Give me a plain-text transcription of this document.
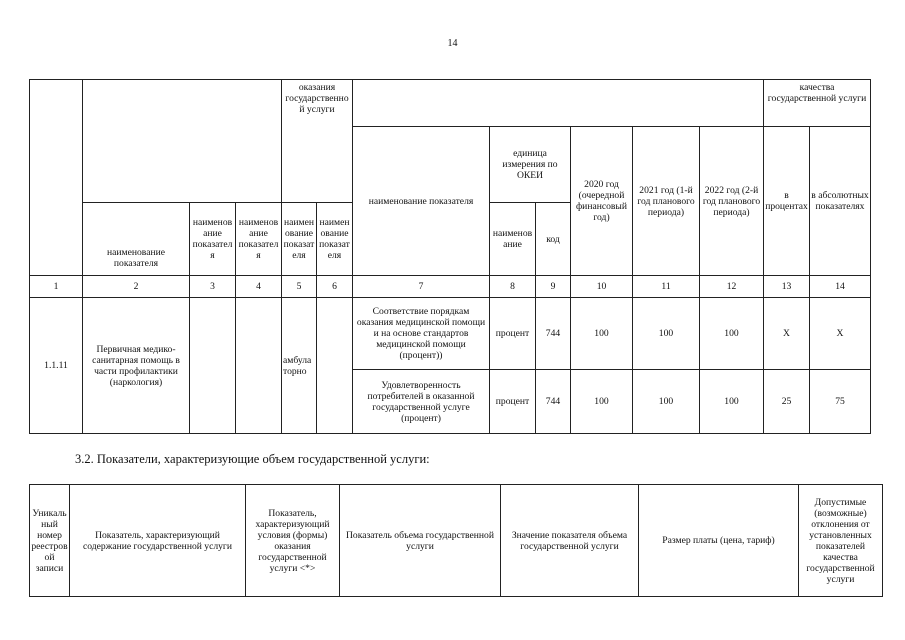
14
				оказания государственной услуги								качества государственной услуги	
						наименование показателя	единица измерения по ОКЕИ		2020 год (очередной финансовый год)	2021 год (1-й год планового периода)	2022 год (2-й год планового периода)	в процентах	в абсолютных показателях
	наименование показателя	наименование показателя	наименование показателя	наименование показателя	наименование показателя		наименование	код					
1	2	3	4	5	6	7	8	9	10	11	12	13	14
1.1.11	Первичная медико-санитарная помощь в части профилактики (наркология)			амбулаторно		Соответствие порядкам оказания медицинской помощи и на основе стандартов медицинской помощи (процент))	процент	744	100	100	100	Х	Х
						Удовлетворенность потребителей в оказанной государственной услуге (процент)	процент	744	100	100	100	25	75
3.2. Показатели, характеризующие объем государственной услуги:
Уникальный номер реестровой записи	Показатель, характеризующий содержание государственной услуги	Показатель, характеризующий условия (формы) оказания государственной услуги <*>	Показатель объема государственной услуги	Значение показателя объема государственной услуги	Размер платы (цена, тариф)	Допустимые (возможные) отклонения от установленных показателей качества государственной услуги
